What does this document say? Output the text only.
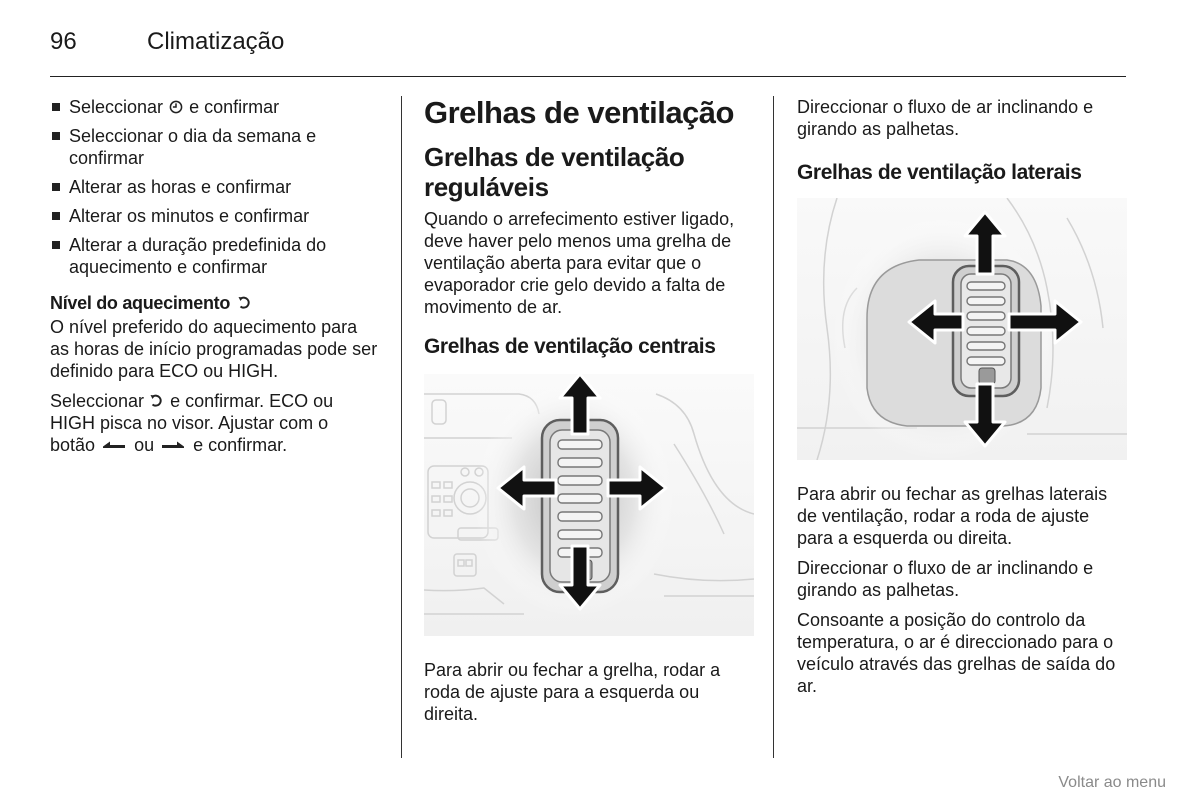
96	Climatização
Seleccionar e confirmar
Seleccionar o dia da semana e confirmar
Alterar as horas e confirmar
Alterar os minutos e confirmar
Alterar a duração predefinida do aquecimento e confirmar
Nível do aquecimento

O nível preferido do aquecimento para as horas de início programadas pode ser definido para ECO ou HIGH.

Seleccionar e confirmar. ECO ou HIGH pisca no visor. Ajustar com o botão ou e confirmar.

Grelhas de ventilação
Grelhas de ventilação reguláveis

Quando o arrefecimento estiver ligado, deve haver pelo menos uma grelha de ventilação aberta para evitar que o evaporador crie gelo devido a falta de movimento de ar.

Grelhas de ventilação centrais

Para abrir ou fechar a grelha, rodar a roda de ajuste para a esquerda ou direita.

Direccionar o fluxo de ar inclinando e girando as palhetas.

Grelhas de ventilação laterais

Para abrir ou fechar as grelhas laterais de ventilação, rodar a roda de ajuste para a esquerda ou direita.

Direccionar o fluxo de ar inclinando e girando as palhetas.

Consoante a posição do controlo da temperatura, o ar é direccionado para o veículo através das grelhas de saída do ar.

Voltar ao menu
